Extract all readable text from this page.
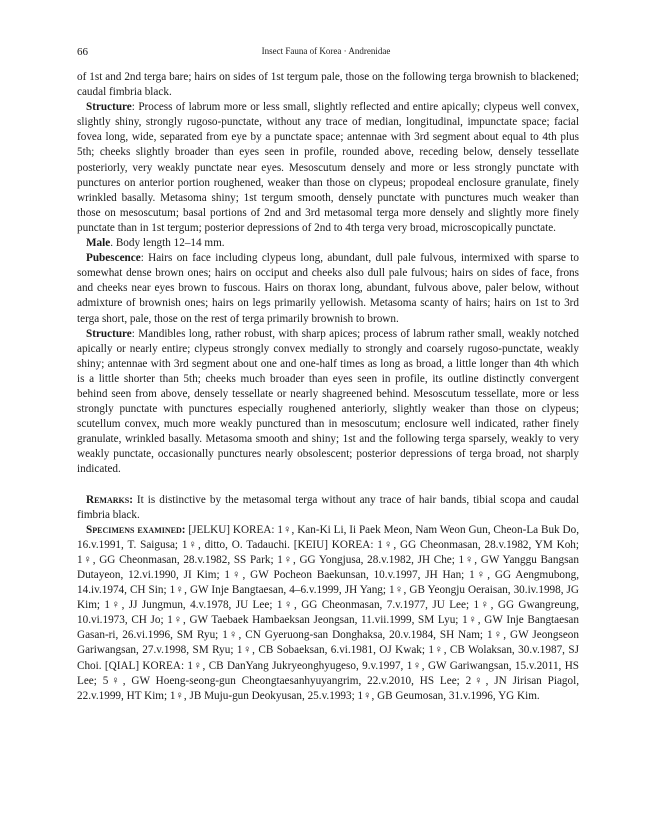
66	Insect Fauna of Korea · Andrenidae

of 1st and 2nd terga bare; hairs on sides of 1st tergum pale, those on the following terga brownish to blackened; caudal fimbria black.

Structure: Process of labrum more or less small, slightly reflected and entire apically; clypeus well convex, slightly shiny, strongly rugoso-punctate, without any trace of median, longitudinal, impunctate space; facial fovea long, wide, separated from eye by a punctate space; antennae with 3rd segment about equal to 4th plus 5th; cheeks slightly broader than eyes seen in profile, rounded above, receding below, densely tessellate posteriorly, very weakly punctate near eyes. Mesoscutum densely and more or less strongly punctate with punctures on anterior portion roughened, weaker than those on clypeus; propodeal enclosure granulate, finely wrinkled basally. Metasoma shiny; 1st tergum smooth, densely punctate with punctures much weaker than those on mesoscutum; basal portions of 2nd and 3rd metasomal terga more densely and slightly more finely punctate than in 1st tergum; posterior depressions of 2nd to 4th terga very broad, microscopically punctate.

Male. Body length 12–14 mm.

Pubescence: Hairs on face including clypeus long, abundant, dull pale fulvous, intermixed with sparse to somewhat dense brown ones; hairs on occiput and cheeks also dull pale fulvous; hairs on sides of face, frons and cheeks near eyes brown to fuscous. Hairs on thorax long, abundant, fulvous above, paler below, without admixture of brownish ones; hairs on legs primarily yellowish. Metasoma scanty of hairs; hairs on 1st to 3rd terga short, pale, those on the rest of terga primarily brownish to brown.

Structure: Mandibles long, rather robust, with sharp apices; process of labrum rather small, weakly notched apically or nearly entire; clypeus strongly convex medially to strongly and coarsely rugoso-punctate, weakly shiny; antennae with 3rd segment about one and one-half times as long as broad, a little longer than 4th which is a little shorter than 5th; cheeks much broader than eyes seen in profile, its outline distinctly convergent behind seen from above, densely tessellate or nearly shagreened behind. Mesoscutum tessellate, more or less strongly punctate with punctures especially roughened anteriorly, slightly weaker than those on clypeus; scutellum convex, much more weakly punctured than in mesoscutum; enclosure well indicated, rather finely granulate, wrinkled basally. Metasoma smooth and shiny; 1st and the following terga sparsely, weakly to very weakly punctate, occasionally punctures nearly obsolescent; posterior depressions of terga broad, not sharply indicated.

Remarks: It is distinctive by the metasomal terga without any trace of hair bands, tibial scopa and caudal fimbria black.

Specimens examined: [JELKU] KOREA: 1♀, Kan-Ki Li, Ii Paek Meon, Nam Weon Gun, Cheon-La Buk Do, 16.v.1991, T. Saigusa; 1♀, ditto, O. Tadauchi. [KEIU] KOREA: 1♀, GG Cheonmasan, 28.v.1982, YM Koh; 1♀, GG Cheonmasan, 28.v.1982, SS Park; 1♀, GG Yongjusa, 28.v.1982, JH Che; 1♀, GW Yanggu Bangsan Dutayeon, 12.vi.1990, JI Kim; 1♀, GW Pocheon Baekunsan, 10.v.1997, JH Han; 1♀, GG Aengmubong, 14.iv.1974, CH Sin; 1♀, GW Inje Bangtaesan, 4–6.v.1999, JH Yang; 1♀, GB Yeongju Oeraisan, 30.iv.1998, JG Kim; 1♀, JJ Jungmun, 4.v.1978, JU Lee; 1♀, GG Cheonmasan, 7.v.1977, JU Lee; 1♀, GG Gwangreung, 10.vi.1973, CH Jo; 1♀, GW Taebaek Hambaeksan Jeongsan, 11.vii.1999, SM Lyu; 1♀, GW Inje Bangtaesan Gasan-ri, 26.vi.1996, SM Ryu; 1♀, CN Gyeruong-san Donghaksa, 20.v.1984, SH Nam; 1♀, GW Jeongseon Gariwangsan, 27.v.1998, SM Ryu; 1♀, CB Sobaeksan, 6.vi.1981, OJ Kwak; 1♀, CB Wolaksan, 30.v.1987, SJ Choi. [QIAL] KOREA: 1♀, CB DanYang Jukryeonghyugeso, 9.v.1997, 1♀, GW Gariwangsan, 15.v.2011, HS Lee; 5♀, GW Hoeng-seong-gun Cheongtaesanhyuyangrim, 22.v.2010, HS Lee; 2♀, JN Jirisan Piagol, 22.v.1999, HT Kim; 1♀, JB Muju-gun Deokyusan, 25.v.1993; 1♀, GB Geumosan, 31.v.1996, YG Kim.
